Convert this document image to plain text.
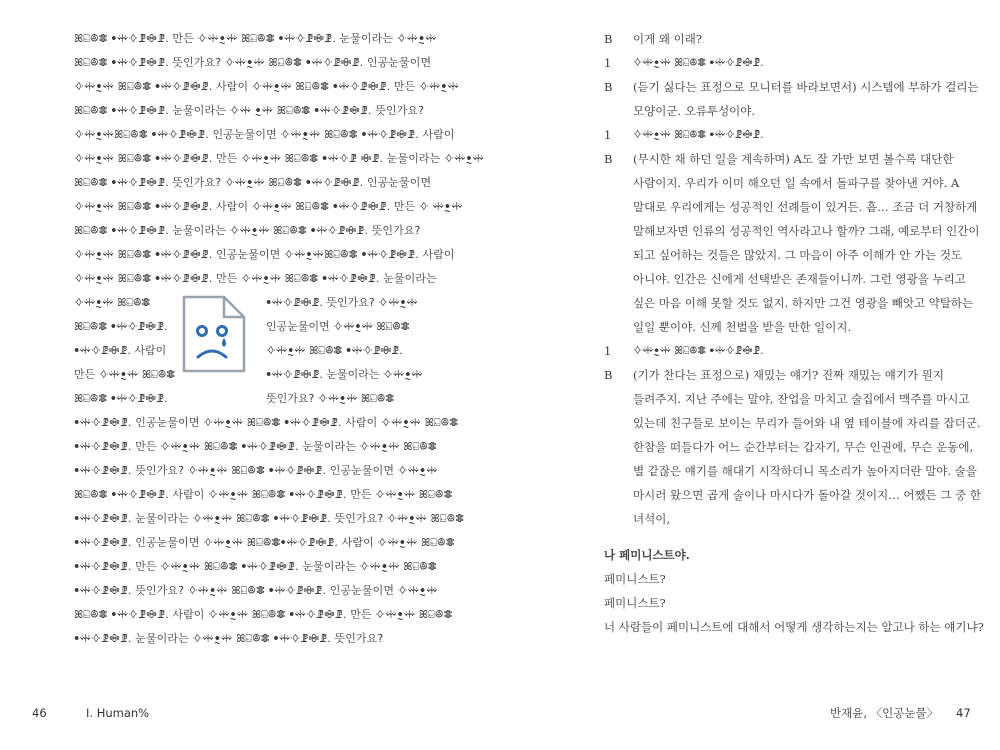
ꕤ⍇ꔮꗶ ꔷꗽꕻꗘꗴꗘ. 만든 ꕻꗽꔸꗽ ꕤ⍇ꔮꗶ ꔷꗽꕻꗘꗴꗘ. 눈물이라는 ꕻꗽꔸꗽ
ꕤ⍇ꔮꗶ ꔷꗽꕻꗘꗴꗘ. 뜻인가요? ꕻꗽꔸꗽ ꕤ⍇ꔮꗶ ꔷꗽꕻꗘꗴꗘ. 인공눈물이면
ꕻꗽꔸꗽ ꕤ⍇ꔮꗶ ꔷꗽꕻꗘꗴꗘ. 사람이 ꕻꗽꔸꗽ ꕤ⍇ꔮꗶ ꔷꗽꕻꗘꗴꗘ. 만든 ꕻꗽꔸꗽ
ꕤ⍇ꔮꗶ ꔷꗽꕻꗘꗴꗘ. 눈물이라는 ꕻꗽ ꔸꗽ ꕤ⍇ꔮꗶ ꔷꗽꕻꗘꗴꗘ. 뜻인가요?
ꕻꗽꔸꗽꕤ⍇ꔮꗶ ꔷꗽꕻꗘꗴꗘ. 인공눈물이면 ꕻꗽꔸꗽ ꕤ⍇ꔮꗶ ꔷꗽꕻꗘꗴꗘ. 사람이
ꕻꗽꔸꗽ ꕤ⍇ꔮꗶ ꔷꗽꕻꗘꗴꗘ. 만든 ꕻꗽꔸꗽ ꕤ⍇ꔮꗶ ꔷꗽꕻꗘ ꗴꗘ. 눈물이라는 ꕻꗽꔸꗽ
ꕤ⍇ꔮꗶ ꔷꗽꕻꗘꗴꗘ. 뜻인가요? ꕻꗽꔸꗽ ꕤ⍇ꔮꗶ ꔷꗽꕻꗘꗴꗘ. 인공눈물이면
ꕻꗽꔸꗽ ꕤ⍇ꔮꗶ ꔷꗽꕻꗘꗴꗘ. 사람이 ꕻꗽꔸꗽ ꕤ⍇ꔮꗶ ꔷꗽꕻꗘꗴꗘ. 만든 ꕻ ꗽꔸꗽ
ꕤ⍇ꔮꗶ ꔷꗽꕻꗘꗴꗘ. 눈물이라는 ꕻꗽꔸꗽ ꕤ⍇ꔮꗶ ꔷꗽꕻꗘꗴꗘ. 뜻인가요?
ꕻꗽꔸꗽ ꕤ⍇ꔮꗶ ꔷꗽꕻꗘꗴꗘ. 인공눈물이면 ꕻꗽꔸꗽꕤ⍇ꔮꗶ ꔷꗽꕻꗘꗴꗘ. 사람이
ꕻꗽꔸꗽ ꕤ⍇ꔮꗶ ꔷꗽꕻꗘꗴꗘ. 만든 ꕻꗽꔸꗽ ꕤ⍇ꔮꗶ ꔷꗽꕻꗘꗴꗘ. 눈물이라는
ꕻꗽꔸꗽ ꕤ⍇ꔮꗶ
ꕤ⍇ꔮꗶ ꔷꗽꕻꗘꗴꗘ.
ꔷꗽꕻꗘꗴꗘ. 사람이
만든 ꕻꗽꔸꗽ ꕤ⍇ꔮꗶ
ꕤ⍇ꔮꗶ ꔷꗽꕻꗘꗴꗘ.
ꔷꗽꕻꗘꗴꗘ. 뜻인가요? ꕻꗽꔸꗽ
인공눈물이면 ꕻꗽꔸꗽ ꕤ⍇ꔮꗶ
ꕻꗽꔸꗽ ꕤ⍇ꔮꗶ ꔷꗽꕻꗘꗴꗘ.
ꔷꗽꕻꗘꗴꗘ. 눈물이라는 ꕻꗽꔸꗽ
뜻인가요? ꕻꗽꔸꗽ ꕤ⍇ꔮꗶ
ꔷꗽꕻꗘꗴꗘ. 인공눈물이면 ꕻꗽꔸꗽ ꕤ⍇ꔮꗶ ꔷꗽꕻꗘꗴꗘ. 사람이 ꕻꗽꔸꗽ ꕤ⍇ꔮꗶ
ꔷꗽꕻꗘꗴꗘ. 만든 ꕻꗽꔸꗽ ꕤ⍇ꔮꗶ ꔷꗽꕻꗘꗴꗘ. 눈물이라는 ꕻꗽꔸꗽ ꕤ⍇ꔮꗶ
ꔷꗽꕻꗘꗴꗘ. 뜻인가요? ꕻꗽꔸꗽ ꕤ⍇ꔮꗶ ꔷꗽꕻꗘꗴꗘ. 인공눈물이면 ꕻꗽꔸꗽ
ꕤ⍇ꔮꗶ ꔷꗽꕻꗘꗴꗘ. 사람이 ꕻꗽꔸꗽ ꕤ⍇ꔮꗶ ꔷꗽꕻꗘꗴꗘ. 만든 ꕻꗽꔸꗽ ꕤ⍇ꔮꗶ
ꔷꗽꕻꗘꗴꗘ. 눈물이라는 ꕻꗽꔸꗽ ꕤ⍇ꔮꗶ ꔷꗽꕻꗘꗴꗘ. 뜻인가요? ꕻꗽꔸꗽ ꕤ⍇ꔮꗶ
ꔷꗽꕻꗘꗴꗘ. 인공눈물이면 ꕻꗽꔸꗽ ꕤ⍇ꔮꗶꔷꗽꕻꗘꗴꗘ. 사람이 ꕻꗽꔸꗽ ꕤ⍇ꔮꗶ
ꔷꗽꕻꗘꗴꗘ. 만든 ꕻꗽꔸꗽ ꕤ⍇ꔮꗶ ꔷꗽꕻꗘꗴꗘ. 눈물이라는 ꕻꗽꔸꗽ ꕤ⍇ꔮꗶ
ꔷꗽꕻꗘꗴꗘ. 뜻인가요? ꕻꗽꔸꗽ ꕤ⍇ꔮꗶ ꔷꗽꕻꗘꗴꗘ. 인공눈물이면 ꕻꗽꔸꗽ
ꕤ⍇ꔮꗶ ꔷꗽꕻꗘꗴꗘ. 사람이 ꕻꗽꔸꗽ ꕤ⍇ꔮꗶ ꔷꗽꕻꗘꗴꗘ. 만든 ꕻꗽꔸꗽ ꕤ⍇ꔮꗶ
ꔷꗽꕻꗘꗴꗘ. 눈물이라는 ꕻꗽꔸꗽ ꕤ⍇ꔮꗶ ꔷꗽꕻꗘꗴꗘ. 뜻인가요?
46	Ⅰ. Human%
B	이게 왜 이래?
1	ꕻꗽꔸꗽ ꕤ⍇ꔮꗶ ꔷꗽꕻꗘꗴꗘ.
B	(듣기 싫다는 표정으로 모니터를 바라보면서) 시스템에 부하가 걸리는
모양이군. 오류투성이야.
1	ꕻꗽꔸꗽ ꕤ⍇ꔮꗶ ꔷꗽꕻꗘꗴꗘ.
B	(무시한 채 하던 일을 계속하며) A도 잘 가만 보면 볼수록 대단한
사람이지. 우리가 이미 해오던 일 속에서 돌파구를 찾아낸 거야. A
말대로 우리에게는 성공적인 선례들이 있거든. 흠… 조금 더 거창하게
말해보자면 인류의 성공적인 역사라고나 할까? 그래, 예로부터 인간이
되고 싶어하는 것들은 많았지. 그 마음이 아주 이해가 안 가는 것도
아니야. 인간은 신에게 선택받은 존재들이니까. 그런 영광을 누리고
싶은 마음 이해 못할 것도 없지. 하지만 그건 영광을 빼앗고 약탈하는
일일 뿐이야. 신께 천벌을 받을 만한 일이지.
1	ꕻꗽꔸꗽ ꕤ⍇ꔮꗶ ꔷꗽꕻꗘꗴꗘ.
B	(기가 찬다는 표정으로) 재밌는 얘기? 진짜 재밌는 얘기가 뭔지
들려주지. 지난 주에는 말야, 잔업을 마치고 술집에서 맥주를 마시고
있는데 친구들로 보이는 무리가 들어와 내 옆 테이블에 자리를 잡더군.
한참을 떠들다가 어느 순간부터는 갑자기, 무슨 인권에, 무슨 운동에,
별 같잖은 얘기를 해대기 시작하더니 목소리가 높아지더란 말야. 술을
마시러 왔으면 곱게 술이나 마시다가 돌아갈 것이지… 어쨌든 그 중 한
녀석이,
나 페미니스트야.
페미니스트?
페미니스트?
너 사람들이 페미니스트에 대해서 어떻게 생각하는지는 알고나 하는 얘기냐?
반재윤, 〈인공눈물〉 47
